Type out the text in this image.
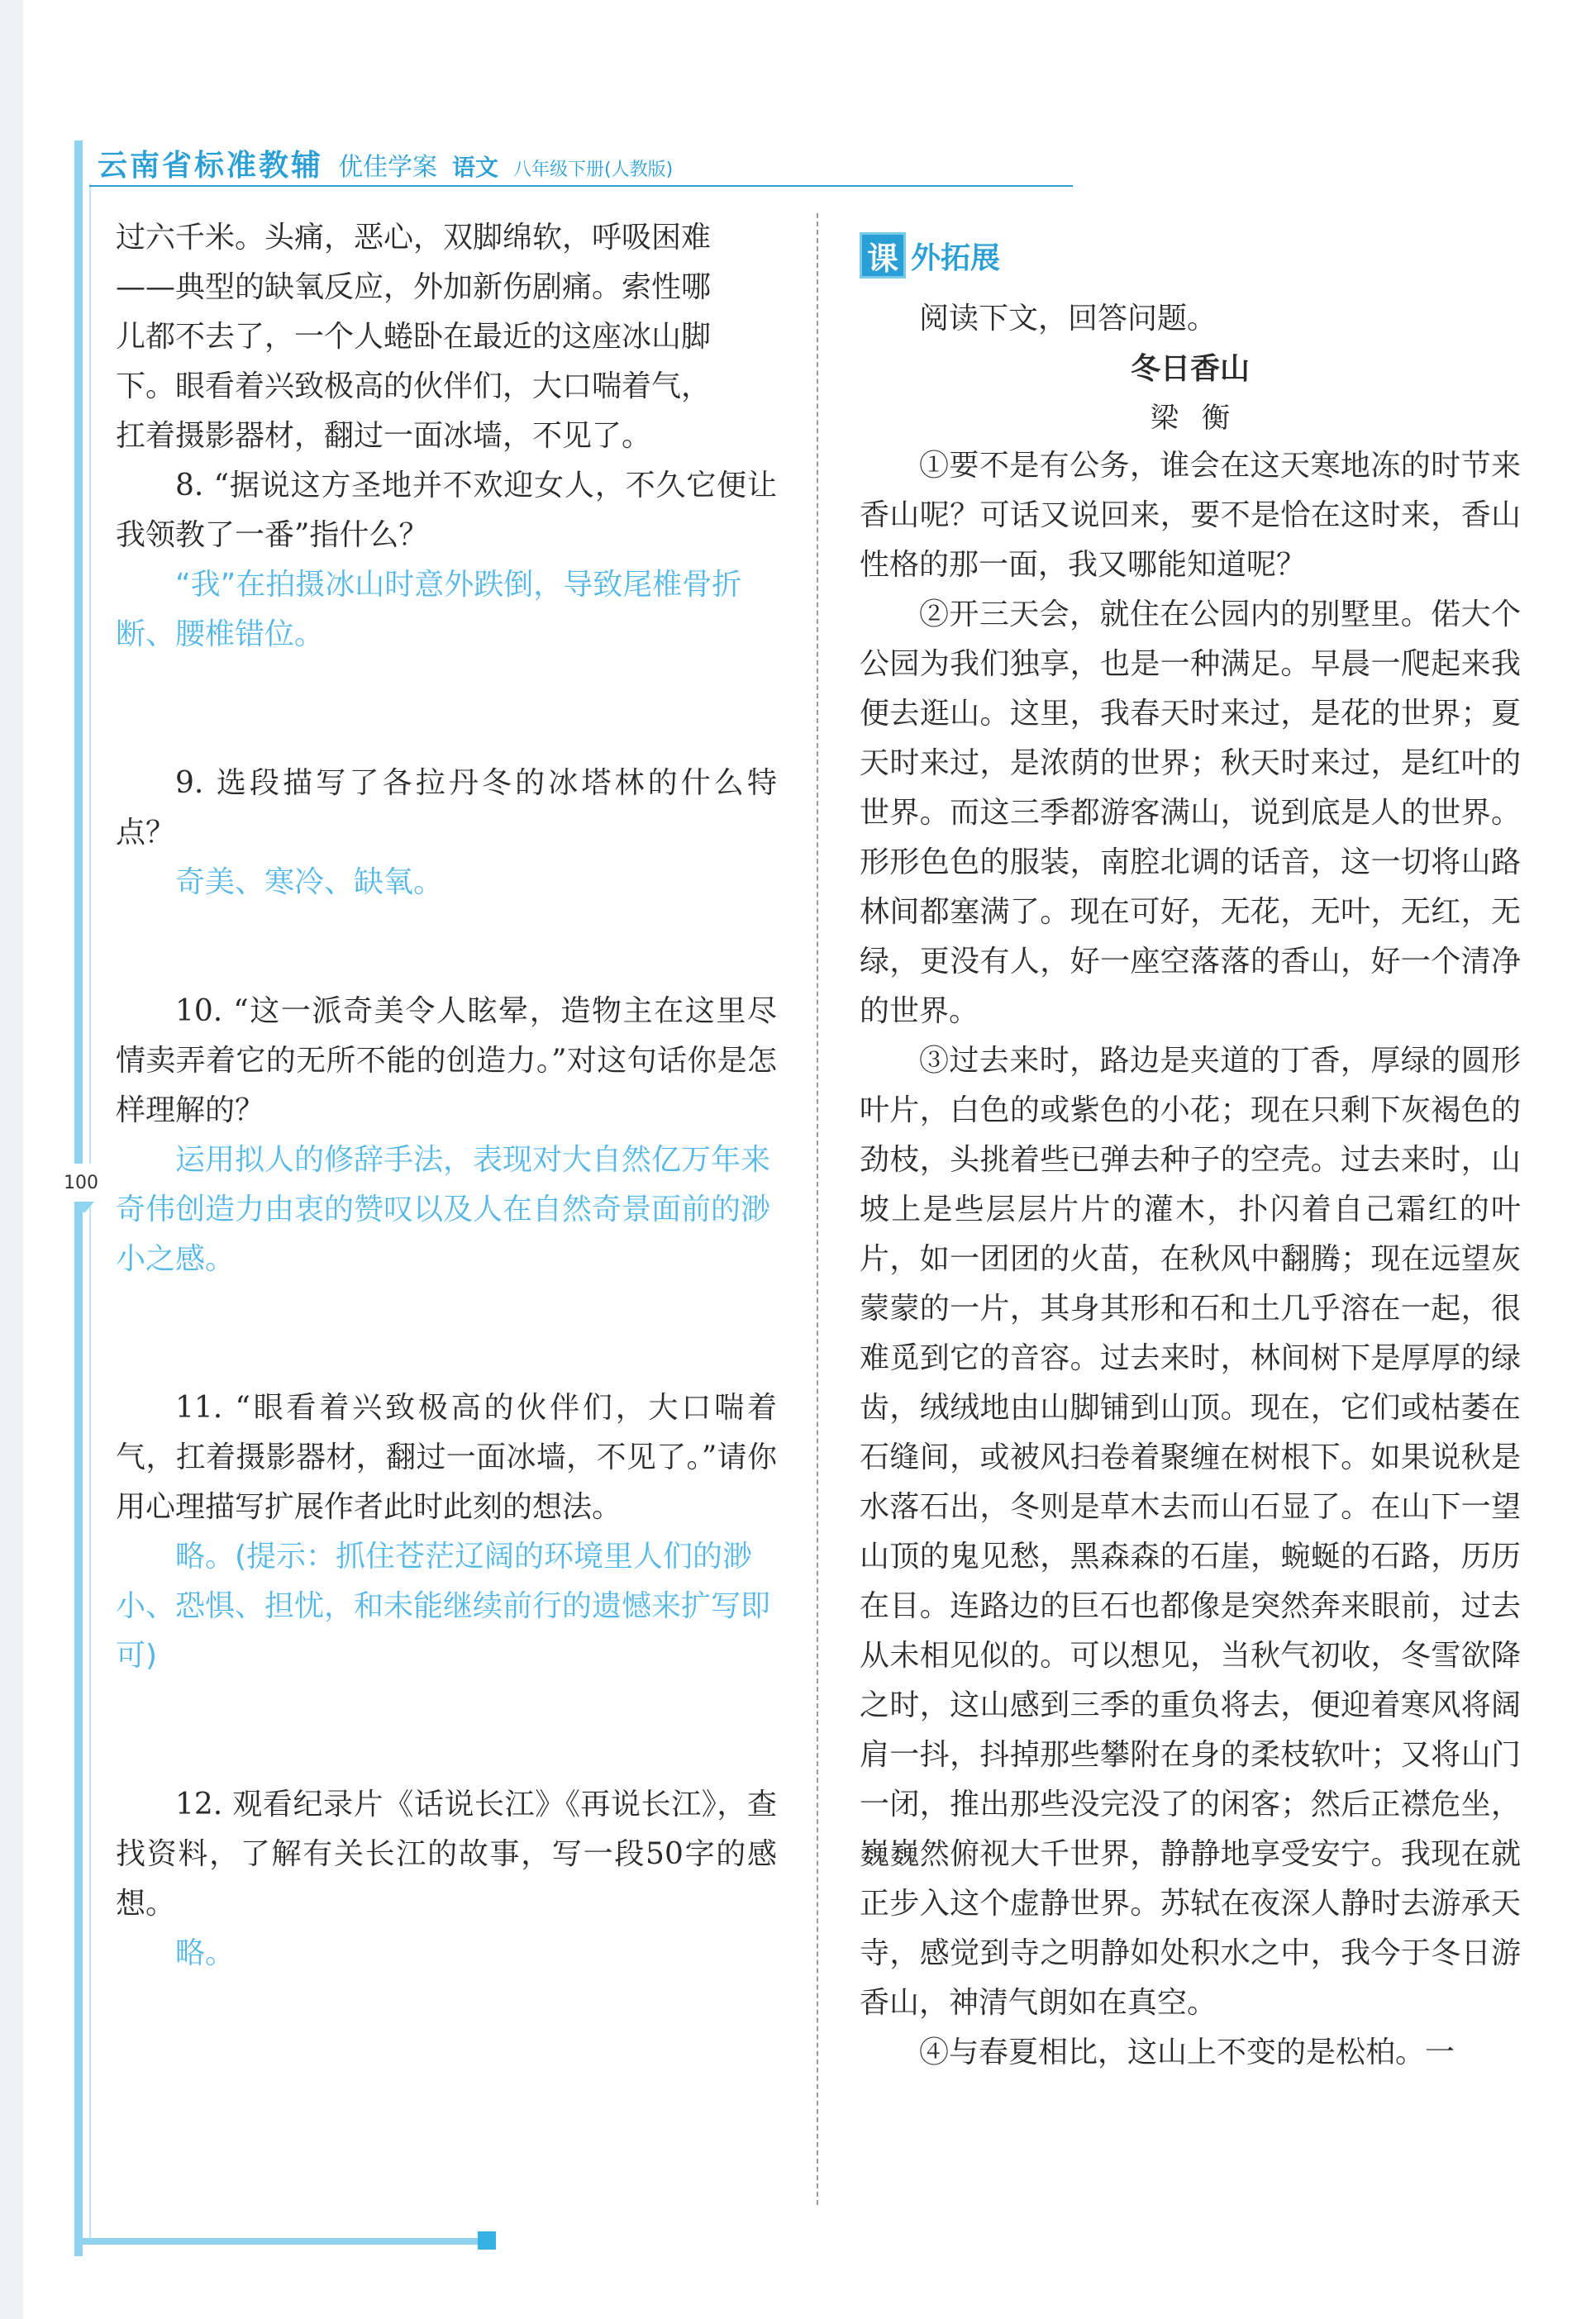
100
云南省标准教辅 优佳学案 语文 八年级下册(人教版)

过六千米。头痛，恶心，双脚绵软，呼吸困难

——典型的缺氧反应，外加新伤剧痛。索性哪

儿都不去了，一个人蜷卧在最近的这座冰山脚

下。眼看着兴致极高的伙伴们，大口喘着气，

扛着摄影器材，翻过一面冰墙，不见了。

8. “据说这方圣地并不欢迎女人，不久它便让我领教了一番”指什么？

“我”在拍摄冰山时意外跌倒，导致尾椎骨折断、腰椎错位。

9. 选段描写了各拉丹冬的冰塔林的什么特点？

奇美、寒冷、缺氧。

10. “这一派奇美令人眩晕，造物主在这里尽情卖弄着它的无所不能的创造力。”对这句话你是怎样理解的？

运用拟人的修辞手法，表现对大自然亿万年来奇伟创造力由衷的赞叹以及人在自然奇景面前的渺小之感。

11. “眼看着兴致极高的伙伴们，大口喘着气，扛着摄影器材，翻过一面冰墙，不见了。”请你用心理描写扩展作者此时此刻的想法。

略。(提示：抓住苍茫辽阔的环境里人们的渺小、恐惧、担忧，和未能继续前行的遗憾来扩写即可)

12. 观看纪录片《话说长江》《再说长江》，查找资料，了解有关长江的故事，写一段50字的感想。

略。

课 外拓展

阅读下文，回答问题。

冬日香山

梁衡

①要不是有公务，谁会在这天寒地冻的时节来香山呢？可话又说回来，要不是恰在这时来，香山性格的那一面，我又哪能知道呢？

②开三天会，就住在公园内的别墅里。偌大个公园为我们独享，也是一种满足。早晨一爬起来我便去逛山。这里，我春天时来过，是花的世界；夏天时来过，是浓荫的世界；秋天时来过，是红叶的世界。而这三季都游客满山，说到底是人的世界。形形色色的服装，南腔北调的话音，这一切将山路林间都塞满了。现在可好，无花，无叶，无红，无绿，更没有人，好一座空落落的香山，好一个清净的世界。

③过去来时，路边是夹道的丁香，厚绿的圆形叶片，白色的或紫色的小花；现在只剩下灰褐色的劲枝，头挑着些已弹去种子的空壳。过去来时，山坡上是些层层片片的灌木，扑闪着自己霜红的叶片，如一团团的火苗，在秋风中翻腾；现在远望灰蒙蒙的一片，其身其形和石和土几乎溶在一起，很难觅到它的音容。过去来时，林间树下是厚厚的绿齿，绒绒地由山脚铺到山顶。现在，它们或枯萎在石缝间，或被风扫卷着聚缠在树根下。如果说秋是水落石出，冬则是草木去而山石显了。在山下一望山顶的鬼见愁，黑森森的石崖，蜿蜒的石路，历历在目。连路边的巨石也都像是突然奔来眼前，过去从未相见似的。可以想见，当秋气初收，冬雪欲降之时，这山感到三季的重负将去，便迎着寒风将阔肩一抖，抖掉那些攀附在身的柔枝软叶；又将山门一闭，推出那些没完没了的闲客；然后正襟危坐，巍巍然俯视大千世界，静静地享受安宁。我现在就正步入这个虚静世界。苏轼在夜深人静时去游承天寺，感觉到寺之明静如处积水之中，我今于冬日游香山，神清气朗如在真空。

④与春夏相比，这山上不变的是松柏。一
